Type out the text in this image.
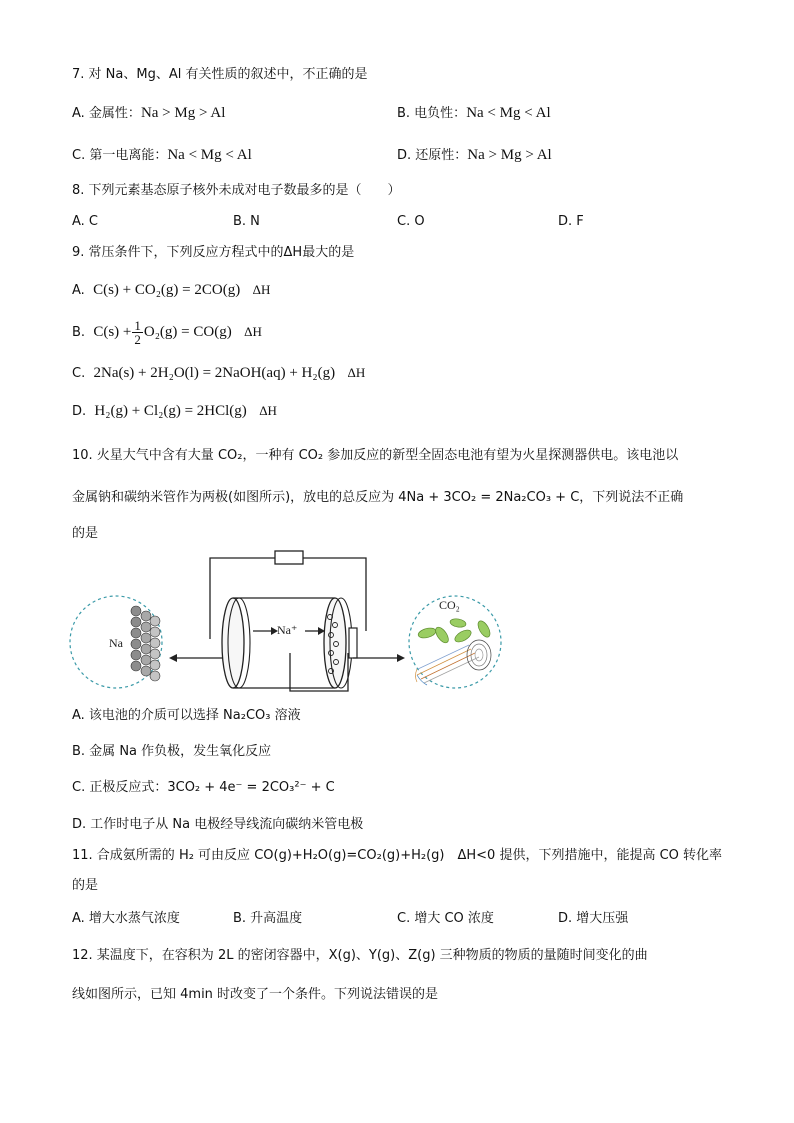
7. 对 Na、Mg、Al 有关性质的叙述中，不正确的是
A. 金属性：Na > Mg > Al	B. 电负性：Na < Mg < Al
C. 第一电离能：Na < Mg < Al	D. 还原性：Na > Mg > Al
8. 下列元素基态原子核外未成对电子数最多的是（　　）
A. C	B. N	C. O	D. F
9. 常压条件下，下列反应方程式中的ΔH最大的是
A. C(s) + CO₂(g) = 2CO(g) ΔH
B. $C(s) + \frac{1}{2} O_2(g) = CO(g)$ ΔH
C. 2Na(s) + 2H₂O(l) = 2NaOH(aq) + H₂(g) ΔH
D. H₂(g) + Cl₂(g) = 2HCl(g) ΔH
10. 火星大气中含有大量 CO₂，一种有 CO₂ 参加反应的新型全固态电池有望为火星探测器供电。该电池以
金属钠和碳纳米管作为两极(如图所示)，放电的总反应为 4Na + 3CO₂ = 2Na₂CO₃ + C，下列说法不正确
的是
Na⁺
Na
CO₂
A. 该电池的介质可以选择 Na₂CO₃ 溶液
B. 金属 Na 作负极，发生氧化反应
C. 正极反应式：3CO₂ + 4e⁻ = 2CO₃²⁻ + C
D. 工作时电子从 Na 电极经导线流向碳纳米管电极
11. 合成氨所需的 H₂ 可由反应 CO(g)+H₂O(g)=CO₂(g)+H₂(g)　ΔH<0 提供，下列措施中，能提高 CO 转化率
的是
A. 增大水蒸气浓度	B. 升高温度	C. 增大 CO 浓度	D. 增大压强
12. 某温度下，在容积为 2L 的密闭容器中，X(g)、Y(g)、Z(g) 三种物质的物质的量随时间变化的曲
线如图所示，已知 4min 时改变了一个条件。下列说法错误的是
